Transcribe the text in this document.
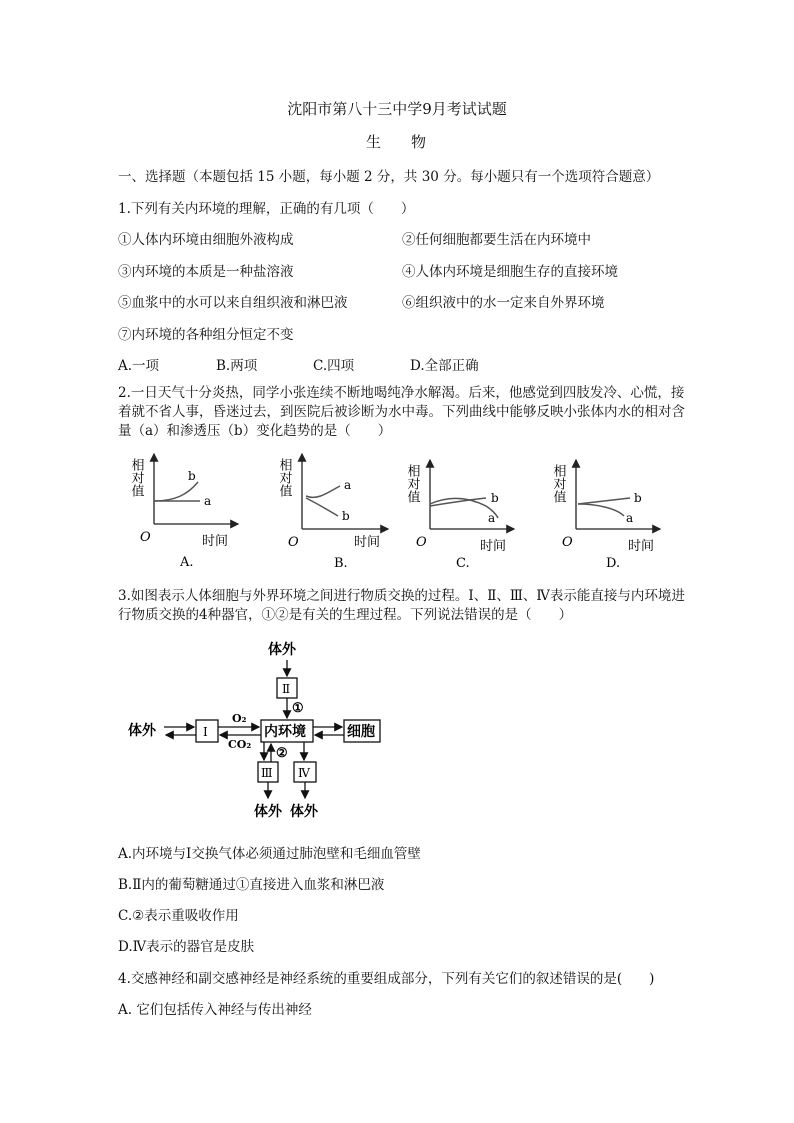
沈阳市第八十三中学9月考试试题
生 物
一、选择题（本题包括 15 小题，每小题 2 分，共 30 分。每小题只有一个选项符合题意）
1.下列有关内环境的理解，正确的有几项（　　）
①人体内环境由细胞外液构成	②任何细胞都要生活在内环境中
③内环境的本质是一种盐溶液	④人体内环境是细胞生存的直接环境
⑤血浆中的水可以来自组织液和淋巴液	⑥组织液中的水一定来自外界环境
⑦内环境的各种组分恒定不变
A.一项	B.两项	C.四项	D.全部正确
2.一日天气十分炎热，同学小张连续不断地喝纯净水解渴。后来，他感觉到四肢发冷、心慌，接着就不省人事，昏迷过去，到医院后被诊断为水中毒。下列曲线中能够反映小张体内水的相对含量（a）和渗透压（b）变化趋势的是（　　）
相对值
O	时间
a
b
A.
相对值
O	时间
a
b
B.
相对值
O	时间
b
a
C.
相对值
O	时间
b
a
D.
3.如图表示人体细胞与外界环境之间进行物质交换的过程。Ⅰ、Ⅱ、Ⅲ、Ⅳ表示能直接与内环境进行物质交换的4种器官，①②是有关的生理过程。下列说法错误的是（　　）
体外
体外
体外 体外
Ⅱ
①
内环境
Ⅰ
O₂
CO₂
细胞
②
Ⅲ Ⅳ
A.内环境与Ⅰ交换气体必须通过肺泡壁和毛细血管壁
B.Ⅱ内的葡萄糖通过①直接进入血浆和淋巴液
C.②表示重吸收作用
D.Ⅳ表示的器官是皮肤
4.交感神经和副交感神经是神经系统的重要组成部分，下列有关它们的叙述错误的是(　　)
A. 它们包括传入神经与传出神经
